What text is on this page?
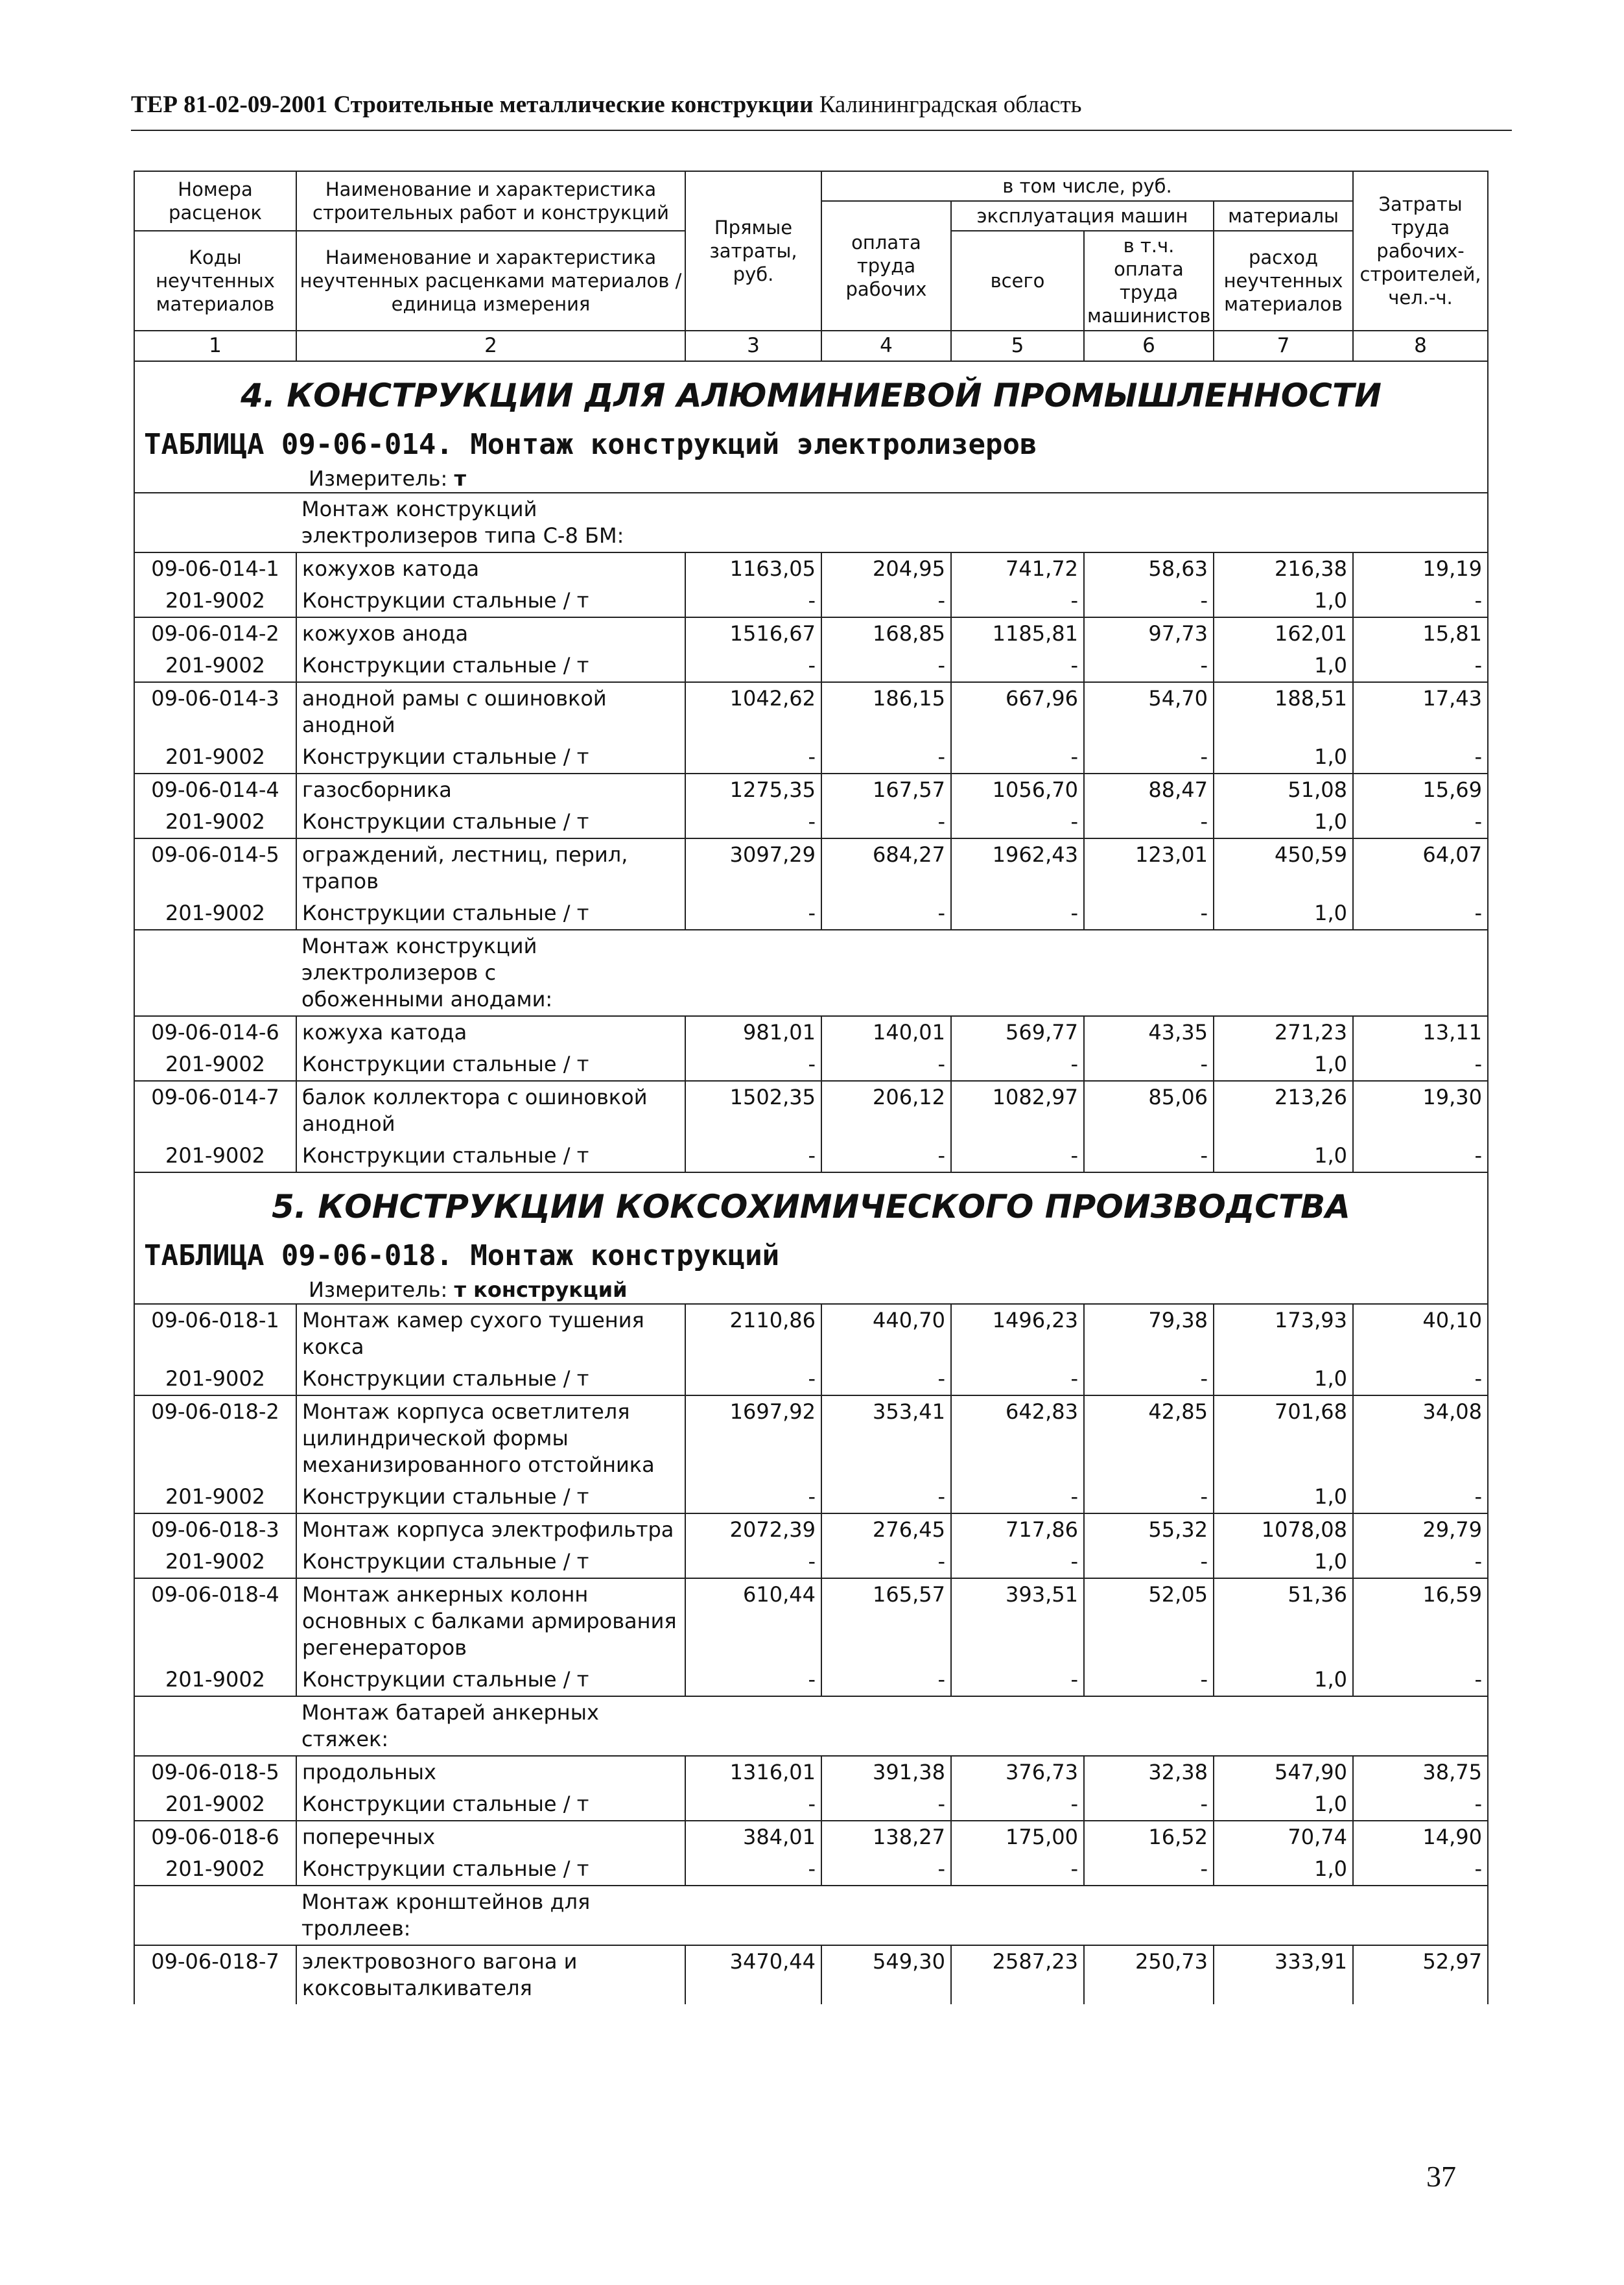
ТЕР 81-02-09-2001 Строительные металлические конструкции Калининградская область
Номера расценок	Наименование и характеристика строительных работ и конструкций	Прямые затраты, руб.	в том числе, руб.				Затраты труда рабочих-строителей, чел.-ч.
			оплата труда рабочих	эксплуатация машин		материалы	
Коды неучтенных материалов	Наименование и характеристика неучтенных расценками материалов / единица измерения			всего	в т.ч. оплата труда машинистов	расход неучтенных материалов	

1	2	3	4	5	6	7	8

4. КОНСТРУКЦИИ ДЛЯ АЛЮМИНИЕВОЙ ПРОМЫШЛЕННОСТИ
ТАБЛИЦА 09-06-014. Монтаж конструкций электролизеров
Измеритель: т							

	Монтаж конструкций электролизеров типа С-8 БМ:						
09-06-014-1	кожухов катода	1163,05	204,95	741,72	58,63	216,38	19,19
201-9002	Конструкции стальные / т	-	-	-	-	1,0	-
09-06-014-2	кожухов анода	1516,67	168,85	1185,81	97,73	162,01	15,81
201-9002	Конструкции стальные / т	-	-	-	-	1,0	-
09-06-014-3	анодной рамы с ошиновкой анодной	1042,62	186,15	667,96	54,70	188,51	17,43
201-9002	Конструкции стальные / т	-	-	-	-	1,0	-
09-06-014-4	газосборника	1275,35	167,57	1056,70	88,47	51,08	15,69
201-9002	Конструкции стальные / т	-	-	-	-	1,0	-
09-06-014-5	ограждений, лестниц, перил, трапов	3097,29	684,27	1962,43	123,01	450,59	64,07
201-9002	Конструкции стальные / т	-	-	-	-	1,0	-
	Монтаж конструкций электролизеров с обоженными анодами:						
09-06-014-6	кожуха катода	981,01	140,01	569,77	43,35	271,23	13,11
201-9002	Конструкции стальные / т	-	-	-	-	1,0	-
09-06-014-7	балок коллектора с ошиновкой анодной	1502,35	206,12	1082,97	85,06	213,26	19,30
201-9002	Конструкции стальные / т	-	-	-	-	1,0	-

5. КОНСТРУКЦИИ КОКСОХИМИЧЕСКОГО ПРОИЗВОДСТВА
ТАБЛИЦА 09-06-018. Монтаж конструкций
Измеритель: т конструкций							

09-06-018-1	Монтаж камер сухого тушения кокса	2110,86	440,70	1496,23	79,38	173,93	40,10
201-9002	Конструкции стальные / т	-	-	-	-	1,0	-
09-06-018-2	Монтаж корпуса осветлителя цилиндрической формы механизированного отстойника	1697,92	353,41	642,83	42,85	701,68	34,08
201-9002	Конструкции стальные / т	-	-	-	-	1,0	-
09-06-018-3	Монтаж корпуса электрофильтра	2072,39	276,45	717,86	55,32	1078,08	29,79
201-9002	Конструкции стальные / т	-	-	-	-	1,0	-
09-06-018-4	Монтаж анкерных колонн основных с балками армирования регенераторов	610,44	165,57	393,51	52,05	51,36	16,59
201-9002	Конструкции стальные / т	-	-	-	-	1,0	-
	Монтаж батарей анкерных стяжек:						
09-06-018-5	продольных	1316,01	391,38	376,73	32,38	547,90	38,75
201-9002	Конструкции стальные / т	-	-	-	-	1,0	-
09-06-018-6	поперечных	384,01	138,27	175,00	16,52	70,74	14,90
201-9002	Конструкции стальные / т	-	-	-	-	1,0	-
	Монтаж кронштейнов для троллеев:						
09-06-018-7	электровозного вагона и коксовыталкивателя	3470,44	549,30	2587,23	250,73	333,91	52,97
37
